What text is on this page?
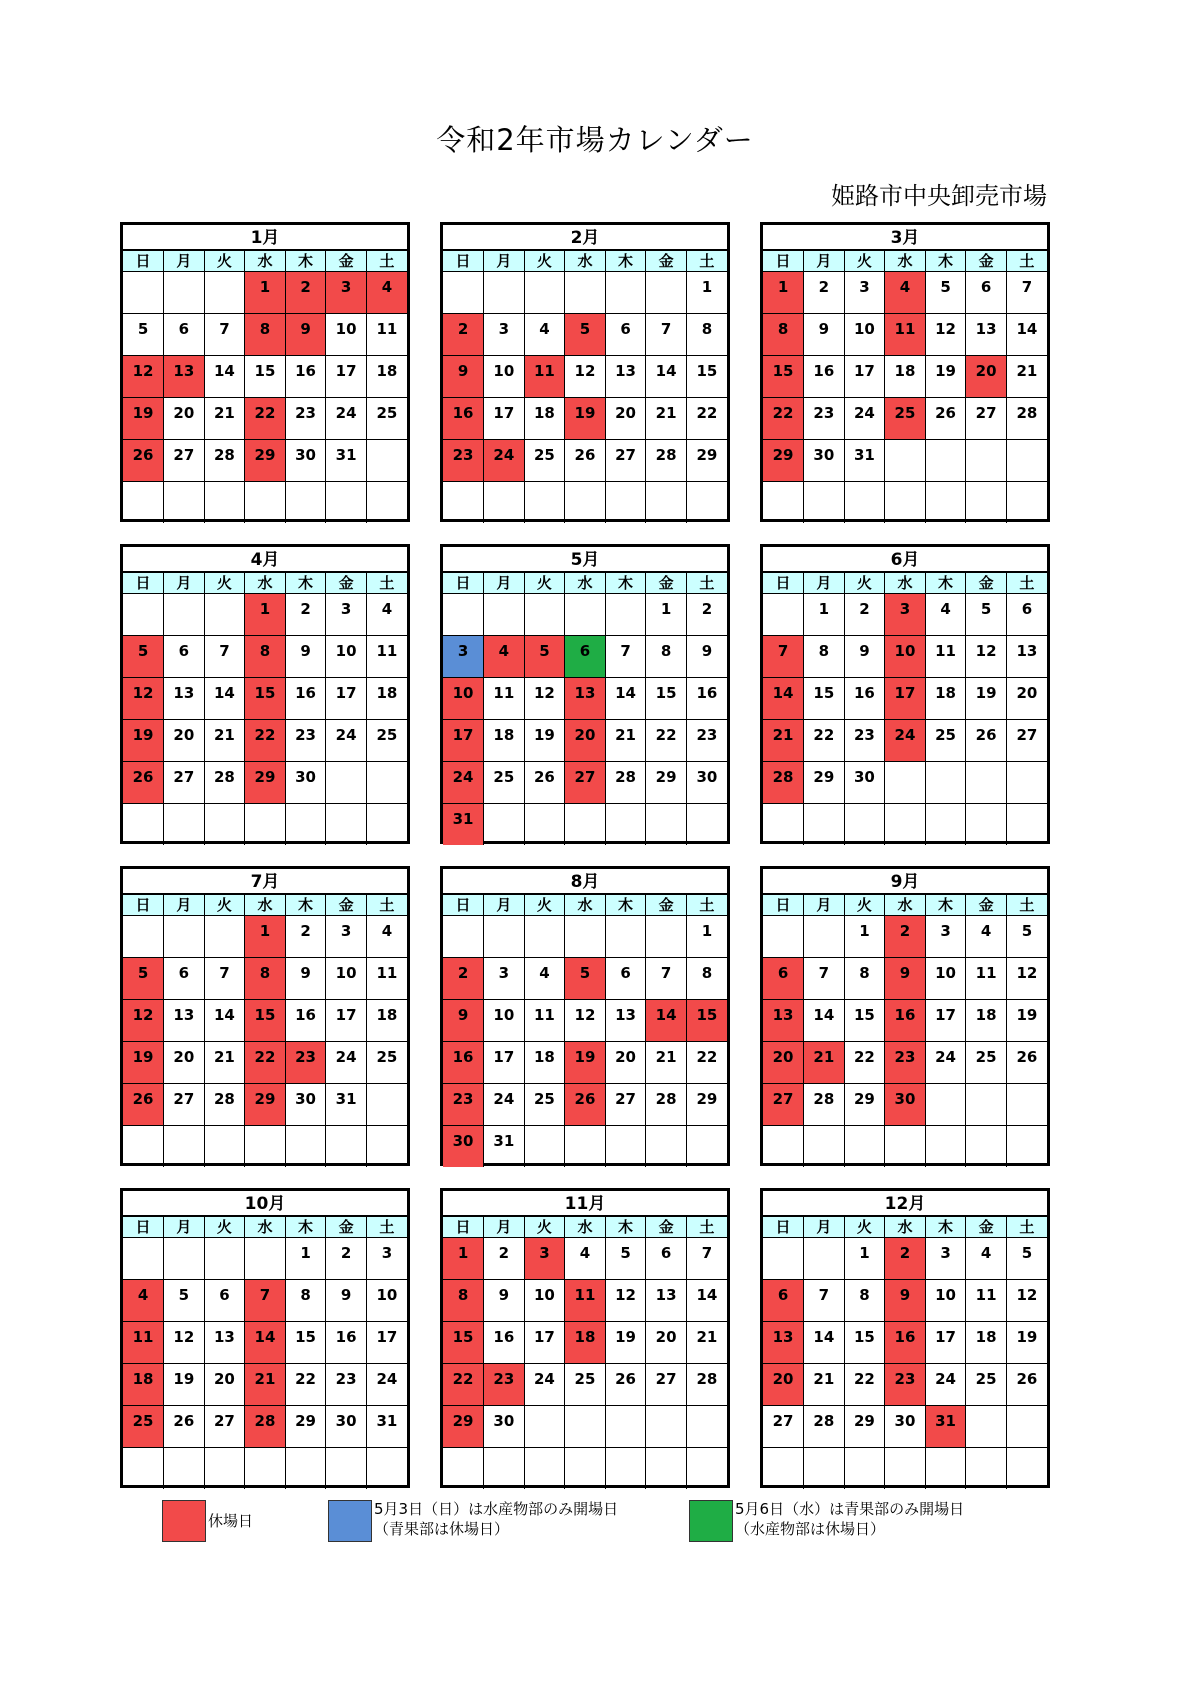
令和2年市場カレンダー
姫路市中央卸売市場
1月
日	月	火	水	木	金	土
			1	2	3	4
5	6	7	8	9	10	11
12	13	14	15	16	17	18
19	20	21	22	23	24	25
26	27	28	29	30	31	

2月
日	月	火	水	木	金	土
						1
2	3	4	5	6	7	8
9	10	11	12	13	14	15
16	17	18	19	20	21	22
23	24	25	26	27	28	29

3月
日	月	火	水	木	金	土
1	2	3	4	5	6	7
8	9	10	11	12	13	14
15	16	17	18	19	20	21
22	23	24	25	26	27	28
29	30	31				

4月
日	月	火	水	木	金	土
			1	2	3	4
5	6	7	8	9	10	11
12	13	14	15	16	17	18
19	20	21	22	23	24	25
26	27	28	29	30		

5月
日	月	火	水	木	金	土
					1	2
3	4	5	6	7	8	9
10	11	12	13	14	15	16
17	18	19	20	21	22	23
24	25	26	27	28	29	30
31						
6月
日	月	火	水	木	金	土
	1	2	3	4	5	6
7	8	9	10	11	12	13
14	15	16	17	18	19	20
21	22	23	24	25	26	27
28	29	30				

7月
日	月	火	水	木	金	土
			1	2	3	4
5	6	7	8	9	10	11
12	13	14	15	16	17	18
19	20	21	22	23	24	25
26	27	28	29	30	31	

8月
日	月	火	水	木	金	土
						1
2	3	4	5	6	7	8
9	10	11	12	13	14	15
16	17	18	19	20	21	22
23	24	25	26	27	28	29
30	31					
9月
日	月	火	水	木	金	土
		1	2	3	4	5
6	7	8	9	10	11	12
13	14	15	16	17	18	19
20	21	22	23	24	25	26
27	28	29	30			

10月
日	月	火	水	木	金	土
				1	2	3
4	5	6	7	8	9	10
11	12	13	14	15	16	17
18	19	20	21	22	23	24
25	26	27	28	29	30	31

11月
日	月	火	水	木	金	土
1	2	3	4	5	6	7
8	9	10	11	12	13	14
15	16	17	18	19	20	21
22	23	24	25	26	27	28
29	30					

12月
日	月	火	水	木	金	土
		1	2	3	4	5
6	7	8	9	10	11	12
13	14	15	16	17	18	19
20	21	22	23	24	25	26
27	28	29	30	31		

休場日
5月3日（日）は水産物部のみ開場日
（青果部は休場日）
5月6日（水）は青果部のみ開場日
（水産物部は休場日）
